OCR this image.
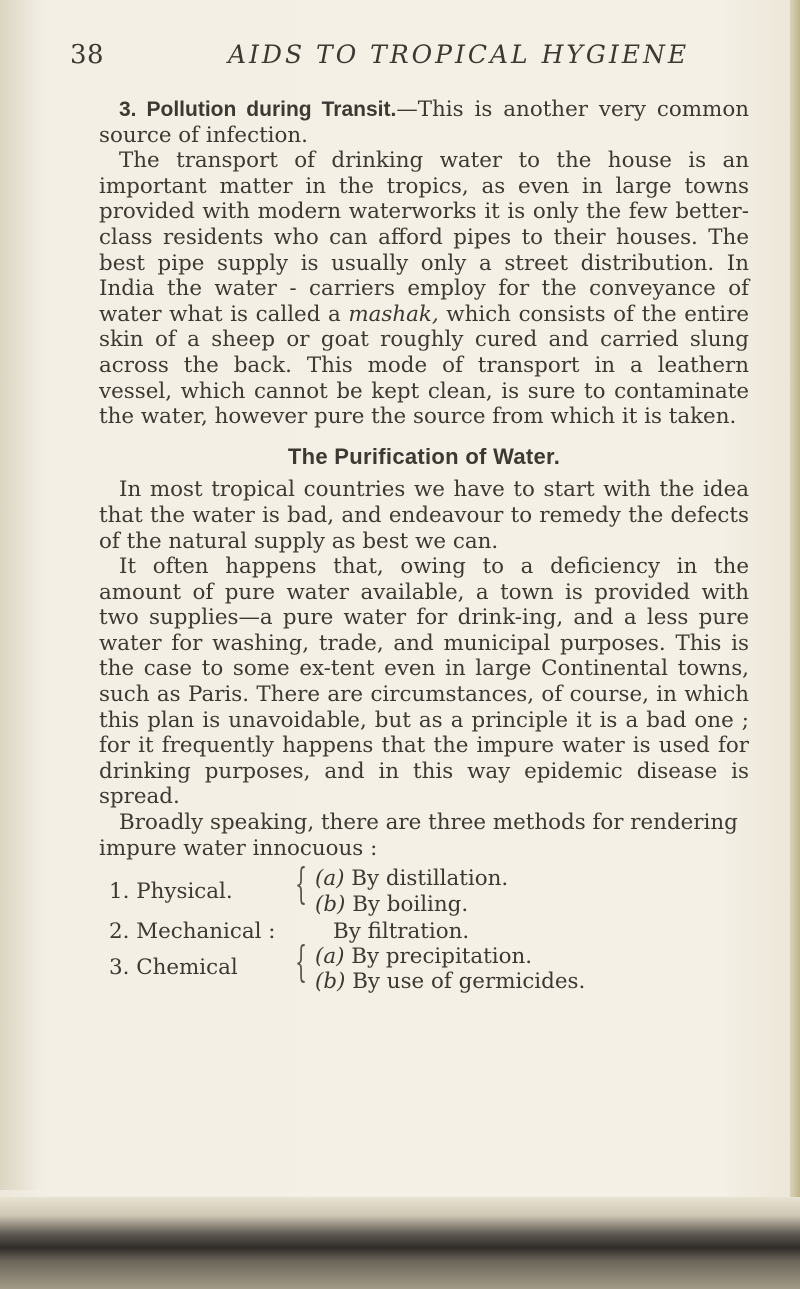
38	AIDS TO TROPICAL HYGIENE

3. Pollution during Transit.—This is another very common source of infection.

The transport of drinking water to the house is an important matter in the tropics, as even in large towns provided with modern waterworks it is only the few better-class residents who can afford pipes to their houses. The best pipe supply is usually only a street distribution. In India the water - carriers employ for the conveyance of water what is called a mashak, which consists of the entire skin of a sheep or goat roughly cured and carried slung across the back. This mode of transport in a leathern vessel, which cannot be kept clean, is sure to contaminate the water, however pure the source from which it is taken.

The Purification of Water.

In most tropical countries we have to start with the idea that the water is bad, and endeavour to remedy the defects of the natural supply as best we can.

It often happens that, owing to a deficiency in the amount of pure water available, a town is provided with two supplies—a pure water for drink-ing, and a less pure water for washing, trade, and municipal purposes. This is the case to some ex-tent even in large Continental towns, such as Paris. There are circumstances, of course, in which this plan is unavoidable, but as a principle it is a bad one ; for it frequently happens that the impure water is used for drinking purposes, and in this way epidemic disease is spread.

Broadly speaking, there are three methods for rendering impure water innocuous :

1. Physical. { (a) By distillation.
(b) By boiling.
2. Mechanical :	By filtration.
3. Chemical { (a) By precipitation.
(b) By use of germicides.
